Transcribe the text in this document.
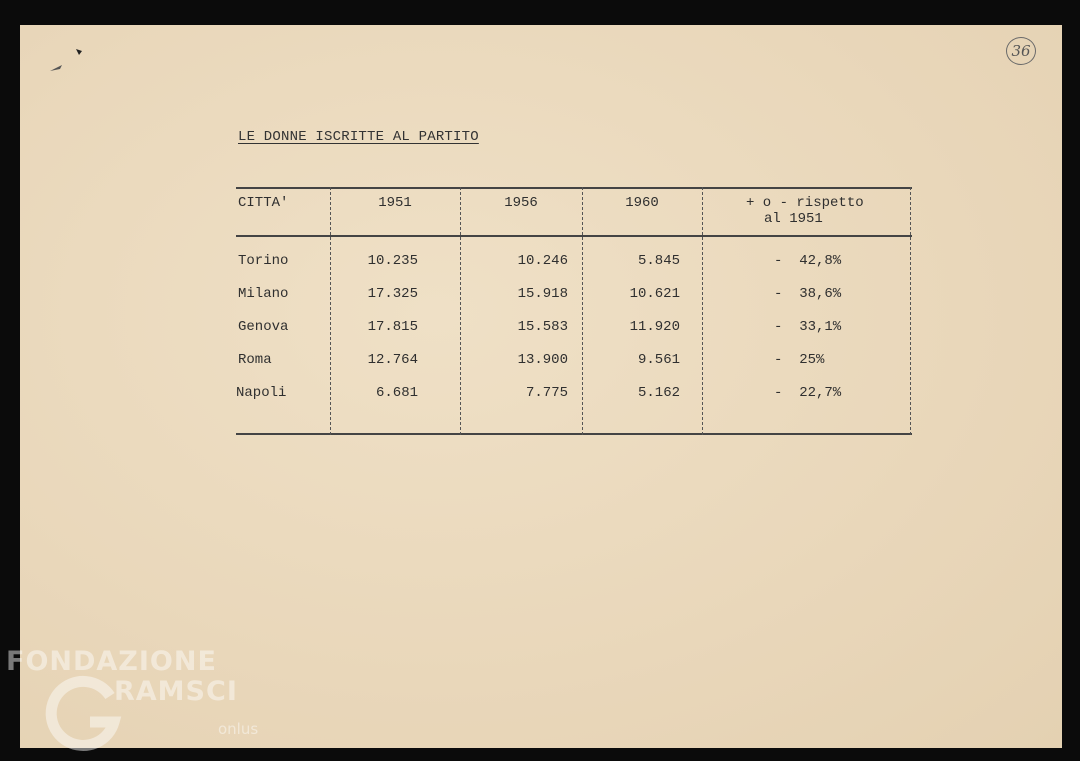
36
LE DONNE ISCRITTE AL PARTITO
CITTA'	1951	1956	1960	+ o - rispetto
al 1951
Torino	10.235	10.246	5.845	-  42,8%
Milano	17.325	15.918	10.621	-  38,6%
Genova	17.815	15.583	11.920	-  33,1%
Roma	12.764	13.900	9.561	-  25%
Napoli	6.681	7.775	5.162	-  22,7%
FONDAZIONE
RAMSCI
onlus
